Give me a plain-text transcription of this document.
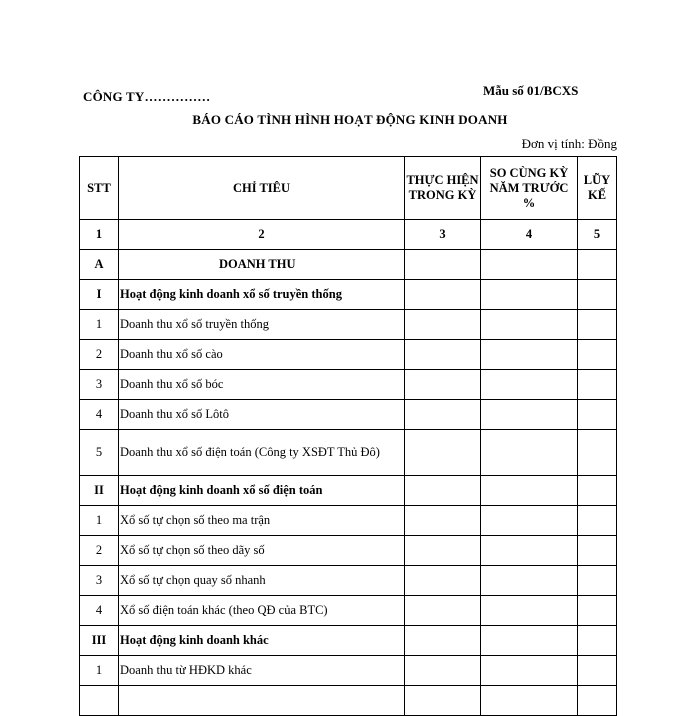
CÔNG TY……………	Mẫu số 01/BCXS
BÁO CÁO TÌNH HÌNH HOẠT ĐỘNG KINH DOANH
Đơn vị tính: Đồng
STT	CHỈ TIÊU	THỰC HIỆN TRONG KỲ	SO CÙNG KỲ NĂM TRƯỚC %	LŨY KẾ
1	2	3	4	5
A	DOANH THU			
I	Hoạt động kinh doanh xổ số truyền thống			
1	Doanh thu xổ số truyền thống			
2	Doanh thu xổ số cào			
3	Doanh thu xổ số bóc			
4	Doanh thu xổ số Lôtô			
5	Doanh thu xổ số điện toán (Công ty XSĐT Thủ Đô)			
II	Hoạt động kinh doanh xổ số điện toán			
1	Xổ số tự chọn số theo ma trận			
2	Xổ số tự chọn số theo dãy số			
3	Xổ số tự chọn quay số nhanh			
4	Xổ số điện toán khác (theo QĐ của BTC)			
III	Hoạt động kinh doanh khác			
1	Doanh thu từ HĐKD khác			
